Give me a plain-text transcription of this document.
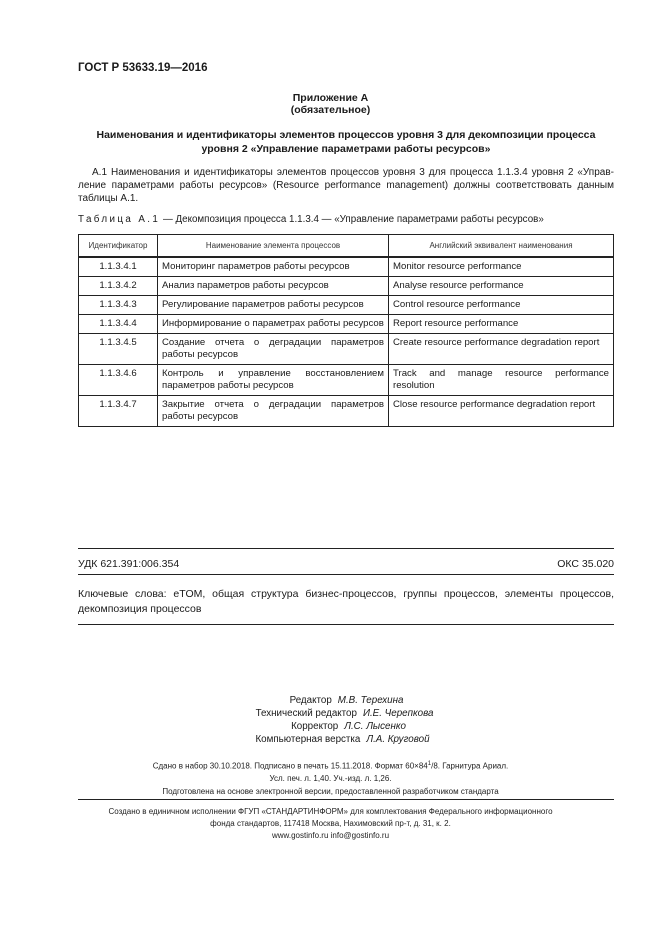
ГОСТ Р 53633.19—2016
Приложение А
(обязательное)
Наименования и идентификаторы элементов процессов уровня 3 для декомпозиции процесса
уровня 2 «Управление параметрами работы ресурсов»
А.1 Наименования и идентификаторы элементов процессов уровня 3 для процесса 1.1.3.4 уровня 2 «Управ-
ление параметрами работы ресурсов» (Resource performance management) должны соответствовать данным
таблицы А.1.
Таблица А.1 — Декомпозиция процесса 1.1.3.4 — «Управление параметрами работы ресурсов»
Идентификатор	Наименование элемента процессов	Английский эквивалент наименования
1.1.3.4.1	Мониторинг параметров работы ресурсов	Monitor resource performance
1.1.3.4.2	Анализ параметров работы ресурсов	Analyse resource performance
1.1.3.4.3	Регулирование параметров работы ресурсов	Control resource performance
1.1.3.4.4	Информирование о параметрах работы ресурсов	Report resource performance
1.1.3.4.5	Создание отчета о деградации параметров работы ресурсов	Create resource performance degradation report
1.1.3.4.6	Контроль и управление восстановлением параметров работы ресурсов	Track and manage resource performance resolution
1.1.3.4.7	Закрытие отчета о деградации параметров работы ресурсов	Close resource performance degradation report
УДК 621.391:006.354	ОКС 35.020
Ключевые слова: eTOM, общая структура бизнес-процессов, группы процессов, элементы процессов,
декомпозиция процессов
Редактор М.В. Терехина
Технический редактор И.Е. Черепкова
Корректор Л.С. Лысенко
Компьютерная верстка Л.А. Круговой
Сдано в набор 30.10.2018. Подписано в печать 15.11.2018. Формат $60\times 84^1/8$. Гарнитура Ариал.
Усл. печ. л. 1,40. Уч.-изд. л. 1,26.
Подготовлена на основе электронной версии, предоставленной разработчиком стандарта
Создано в единичном исполнении ФГУП «СТАНДАРТИНФОРМ» для комплектования Федерального информационного
фонда стандартов, 117418 Москва, Нахимовский пр-т, д. 31, к. 2.
www.gostinfo.ru info@gostinfo.ru
